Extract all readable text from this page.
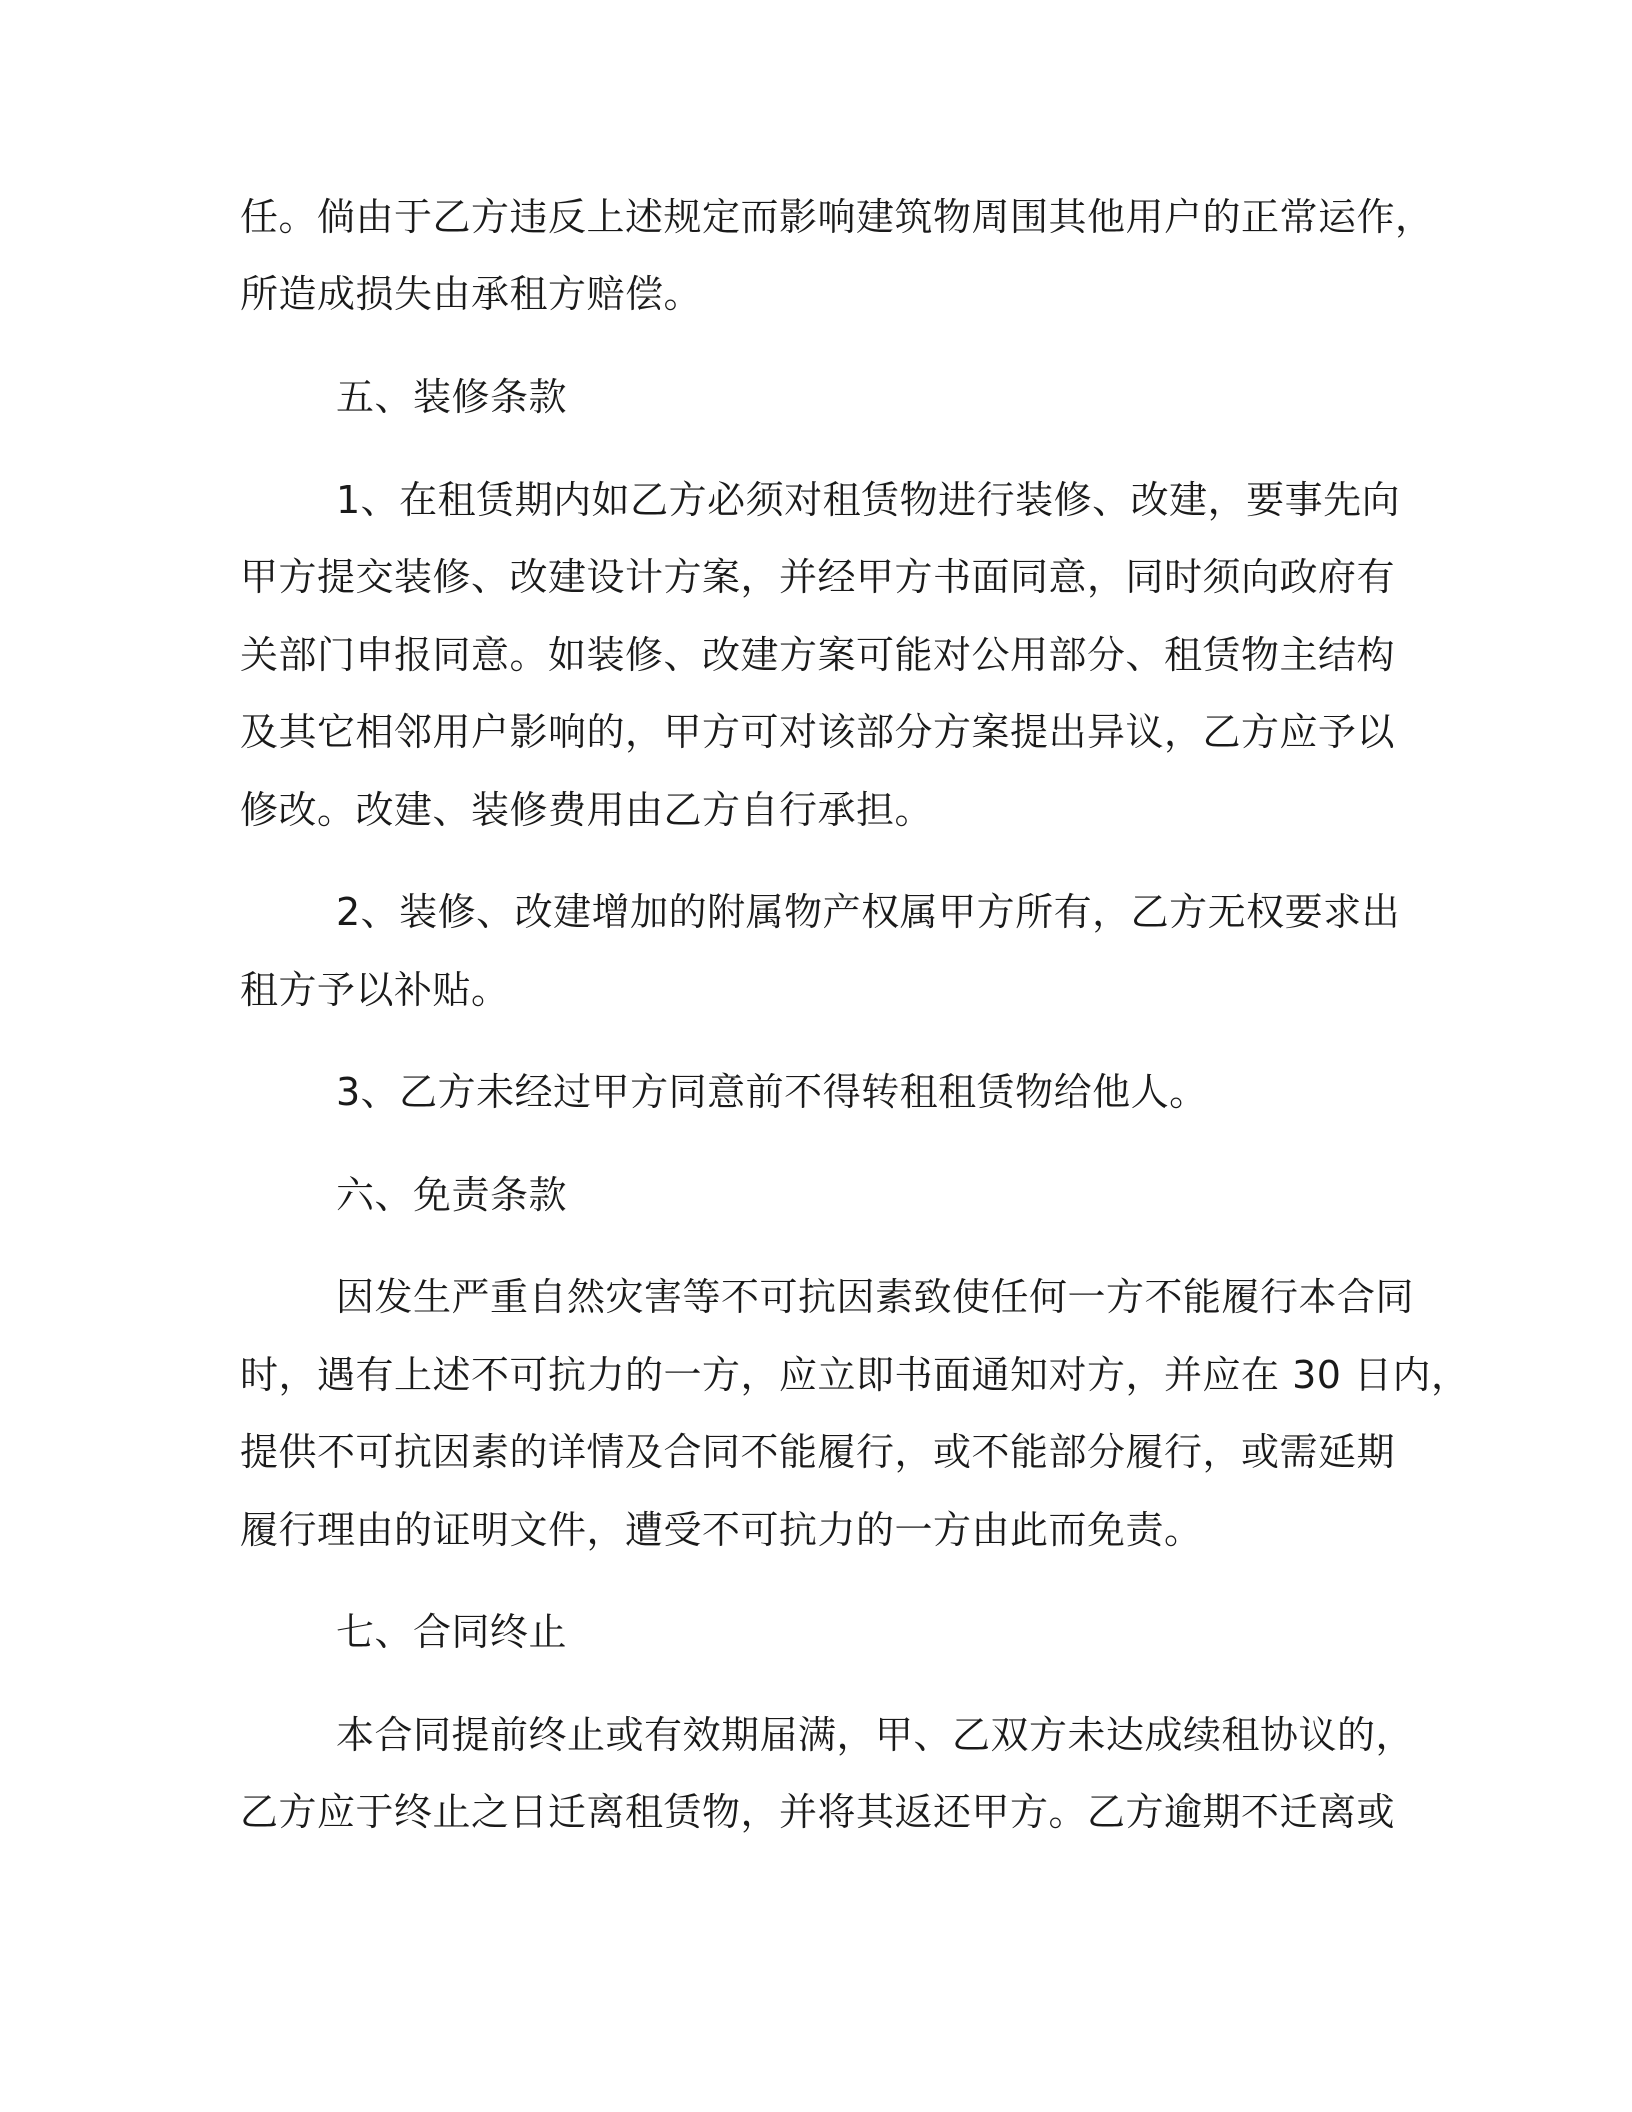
任。倘由于乙方违反上述规定而影响建筑物周围其他用户的正常运作，
所造成损失由承租方赔偿。
五、装修条款
1、在租赁期内如乙方必须对租赁物进行装修、改建，要事先向
甲方提交装修、改建设计方案，并经甲方书面同意，同时须向政府有
关部门申报同意。如装修、改建方案可能对公用部分、租赁物主结构
及其它相邻用户影响的，甲方可对该部分方案提出异议，乙方应予以
修改。改建、装修费用由乙方自行承担。
2、装修、改建增加的附属物产权属甲方所有，乙方无权要求出
租方予以补贴。
3、乙方未经过甲方同意前不得转租租赁物给他人。
六、免责条款
因发生严重自然灾害等不可抗因素致使任何一方不能履行本合同
时，遇有上述不可抗力的一方，应立即书面通知对方，并应在 30 日内，
提供不可抗因素的详情及合同不能履行，或不能部分履行，或需延期
履行理由的证明文件，遭受不可抗力的一方由此而免责。
七、合同终止
本合同提前终止或有效期届满，甲、乙双方未达成续租协议的，
乙方应于终止之日迁离租赁物，并将其返还甲方。乙方逾期不迁离或
